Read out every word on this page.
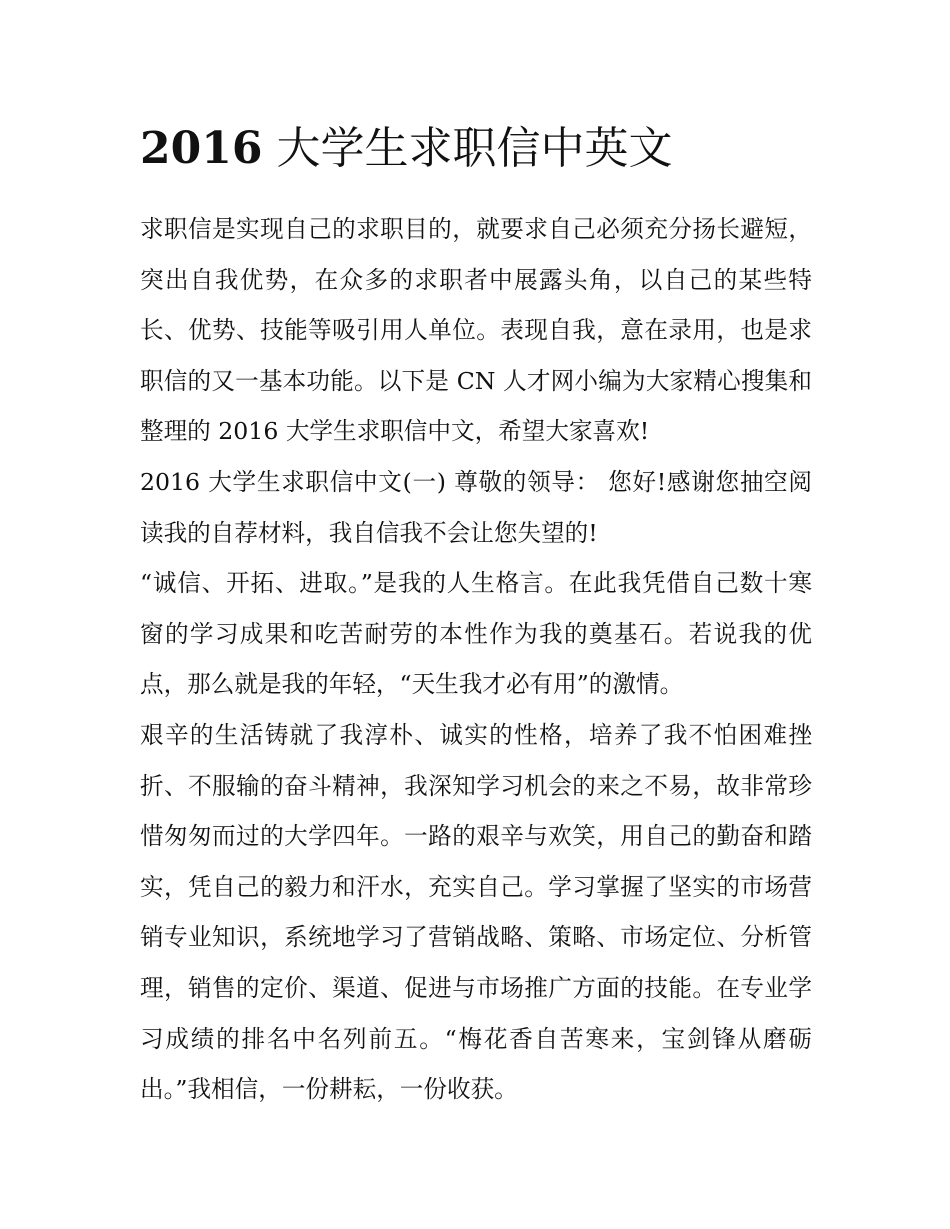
2016 大学生求职信中英文

求职信是实现自己的求职目的，就要求自己必须充分扬长避短，突出自我优势，在众多的求职者中展露头角，以自己的某些特长、优势、技能等吸引用人单位。表现自我，意在录用，也是求职信的又一基本功能。以下是 CN 人才网小编为大家精心搜集和整理的 2016 大学生求职信中文，希望大家喜欢!

2016 大学生求职信中文(一) 尊敬的领导： 您好!感谢您抽空阅读我的自荐材料，我自信我不会让您失望的!

“诚信、开拓、进取。”是我的人生格言。在此我凭借自己数十寒窗的学习成果和吃苦耐劳的本性作为我的奠基石。若说我的优点，那么就是我的年轻，“天生我才必有用”的激情。

艰辛的生活铸就了我淳朴、诚实的性格，培养了我不怕困难挫折、不服输的奋斗精神，我深知学习机会的来之不易，故非常珍惜匆匆而过的大学四年。一路的艰辛与欢笑，用自己的勤奋和踏实，凭自己的毅力和汗水，充实自己。学习掌握了坚实的市场营销专业知识，系统地学习了营销战略、策略、市场定位、分析管理，销售的定价、渠道、促进与市场推广方面的技能。在专业学习成绩的排名中名列前五。“梅花香自苦寒来，宝剑锋从磨砺出。”我相信，一份耕耘，一份收获。
